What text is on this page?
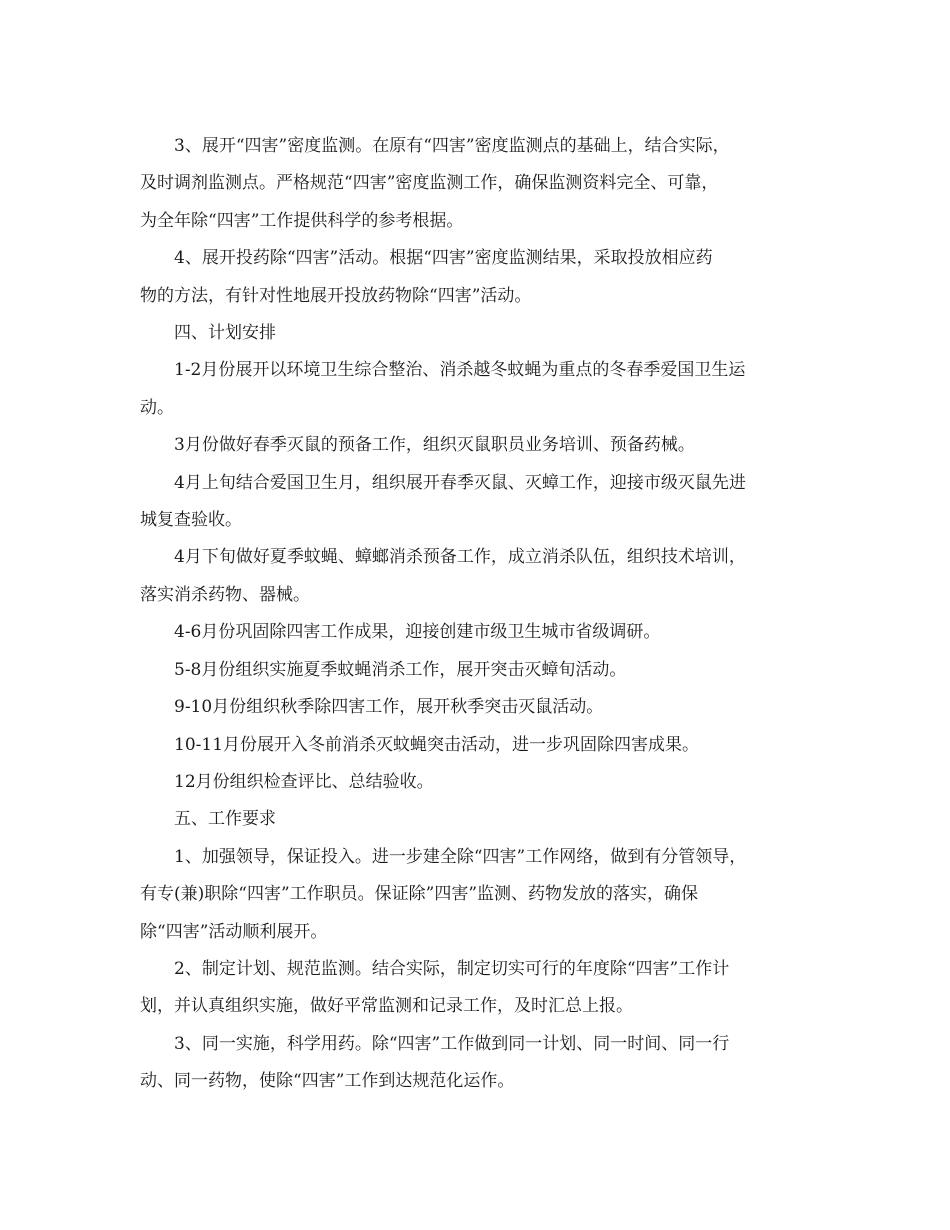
3、展开“四害”密度监测。在原有“四害”密度监测点的基础上，结合实际，
及时调剂监测点。严格规范“四害”密度监测工作，确保监测资料完全、可靠，
为全年除“四害”工作提供科学的参考根据。
4、展开投药除“四害”活动。根据“四害”密度监测结果，采取投放相应药
物的方法，有针对性地展开投放药物除“四害”活动。
四、计划安排
1-2月份展开以环境卫生综合整治、消杀越冬蚊蝇为重点的冬春季爱国卫生运
动。
3月份做好春季灭鼠的预备工作，组织灭鼠职员业务培训、预备药械。
4月上旬结合爱国卫生月，组织展开春季灭鼠、灭蟑工作，迎接市级灭鼠先进
城复查验收。
4月下旬做好夏季蚊蝇、蟑螂消杀预备工作，成立消杀队伍，组织技术培训，
落实消杀药物、器械。
4-6月份巩固除四害工作成果，迎接创建市级卫生城市省级调研。
5-8月份组织实施夏季蚊蝇消杀工作，展开突击灭蟑旬活动。
9-10月份组织秋季除四害工作，展开秋季突击灭鼠活动。
10-11月份展开入冬前消杀灭蚊蝇突击活动，进一步巩固除四害成果。
12月份组织检查评比、总结验收。
五、工作要求
1、加强领导，保证投入。进一步建全除“四害”工作网络，做到有分管领导，
有专(兼)职除“四害”工作职员。保证除”四害”监测、药物发放的落实，确保
除“四害”活动顺利展开。
2、制定计划、规范监测。结合实际，制定切实可行的年度除“四害”工作计
划，并认真组织实施，做好平常监测和记录工作，及时汇总上报。
3、同一实施，科学用药。除“四害”工作做到同一计划、同一时间、同一行
动、同一药物，使除“四害”工作到达规范化运作。
